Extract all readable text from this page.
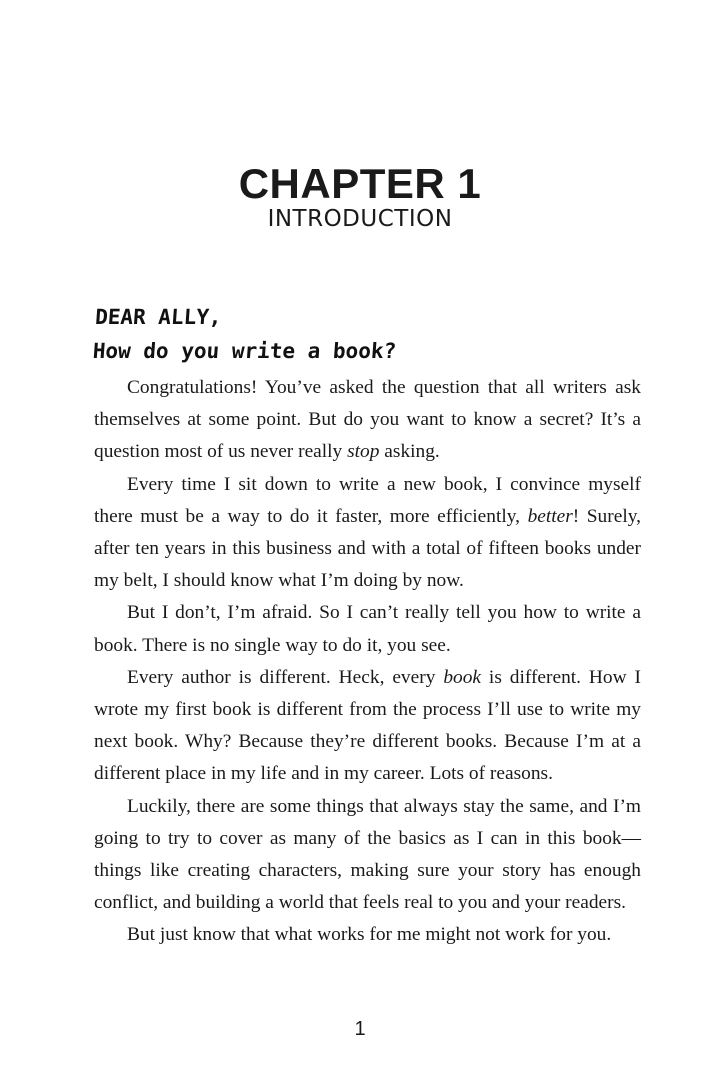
CHAPTER 1
INTRODUCTION
DEAR ALLY,
How do you write a book?

Congratulations! You’ve asked the question that all writers ask themselves at some point. But do you want to know a secret? It’s a question most of us never really stop asking.

Every time I sit down to write a new book, I convince myself there must be a way to do it faster, more efficiently, better! Surely, after ten years in this business and with a total of fifteen books under my belt, I should know what I’m doing by now.

But I don’t, I’m afraid. So I can’t really tell you how to write a book. There is no single way to do it, you see.

Every author is different. Heck, every book is different. How I wrote my first book is different from the process I’ll use to write my next book. Why? Because they’re different books. Because I’m at a different place in my life and in my career. Lots of reasons.

Luckily, there are some things that always stay the same, and I’m going to try to cover as many of the basics as I can in this book—things like creating characters, making sure your story has enough conflict, and building a world that feels real to you and your readers.

But just know that what works for me might not work for you.

1
